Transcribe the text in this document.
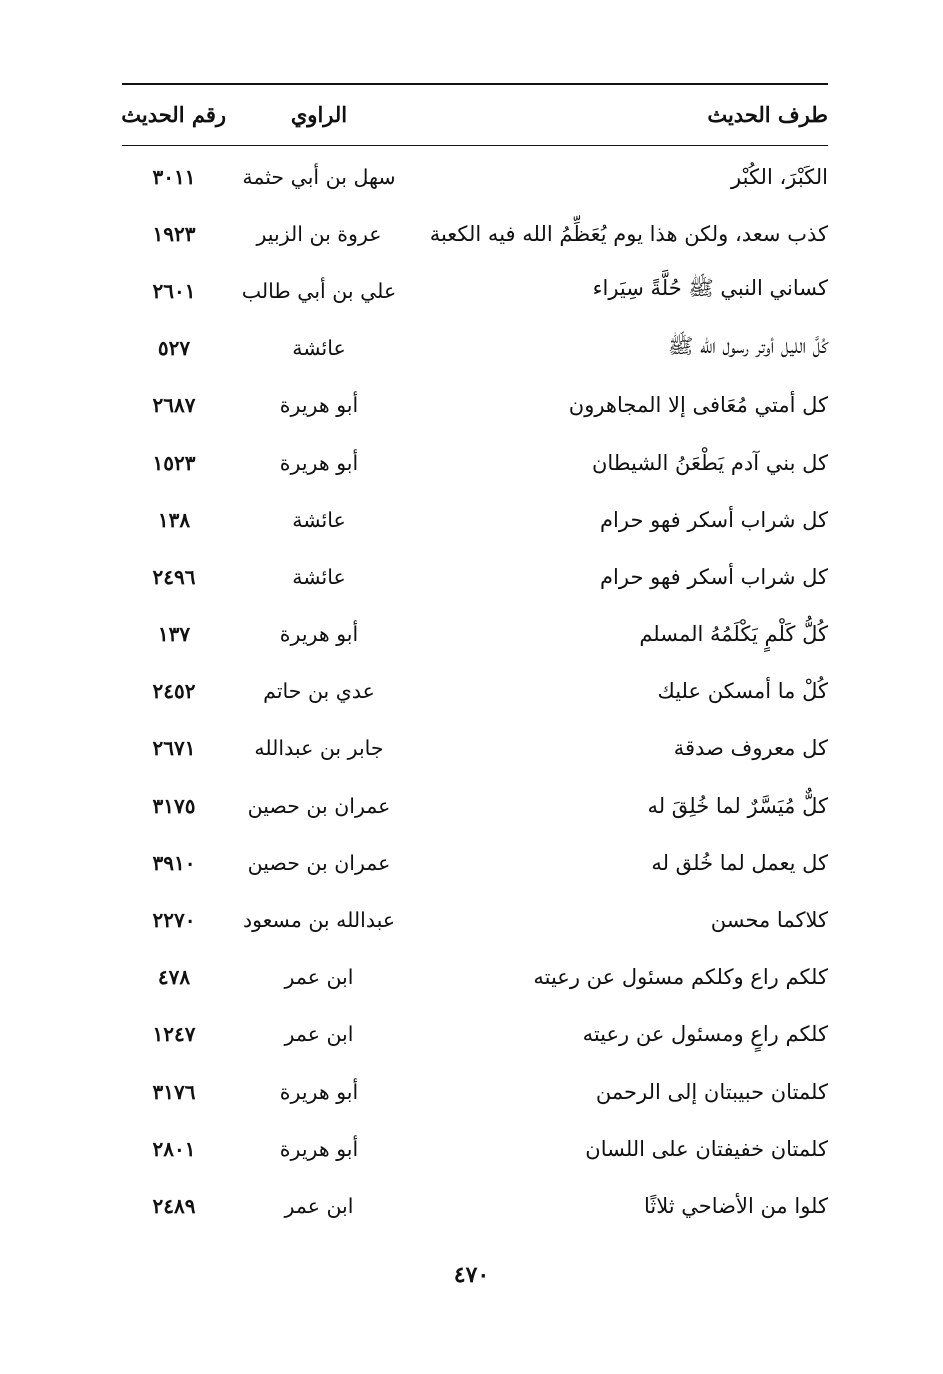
طرف الحديث
الراوي
رقم الحديث
الكَبْرَ، الكُبْر
سهل بن أبي حثمة
٣٠١١
كذب سعد، ولكن هذا يوم يُعَظِّمُ الله فيه الكعبة
عروة بن الزبير
١٩٢٣
كساني النبي ﷺ حُلَّةً سِيَراء
علي بن أبي طالب
٢٦٠١
كُلَّ الليل أوتر رسول الله ﷺ
عائشة
٥٢٧
كل أمتي مُعَافى إلا المجاهرون
أبو هريرة
٢٦٨٧
كل بني آدم يَطْعَنُ الشيطان
أبو هريرة
١٥٢٣
كل شراب أسكر فهو حرام
عائشة
١٣٨
كل شراب أسكر فهو حرام
عائشة
٢٤٩٦
كُلُّ كَلْمٍ يَكْلَمُهُ المسلم
أبو هريرة
١٣٧
كُلْ ما أمسكن عليك
عدي بن حاتم
٢٤٥٢
كل معروف صدقة
جابر بن عبدالله
٢٦٧١
كلٌّ مُيَسَّرٌ لما خُلِقَ له
عمران بن حصين
٣١٧٥
كل يعمل لما خُلق له
عمران بن حصين
٣٩١٠
كلاكما محسن
عبدالله بن مسعود
٢٢٧٠
كلكم راع وكلكم مسئول عن رعيته
ابن عمر
٤٧٨
كلكم راعٍ ومسئول عن رعيته
ابن عمر
١٢٤٧
كلمتان حبيبتان إلى الرحمن
أبو هريرة
٣١٧٦
كلمتان خفيفتان على اللسان
أبو هريرة
٢٨٠١
كلوا من الأضاحي ثلاثًا
ابن عمر
٢٤٨٩
٤٧٠
